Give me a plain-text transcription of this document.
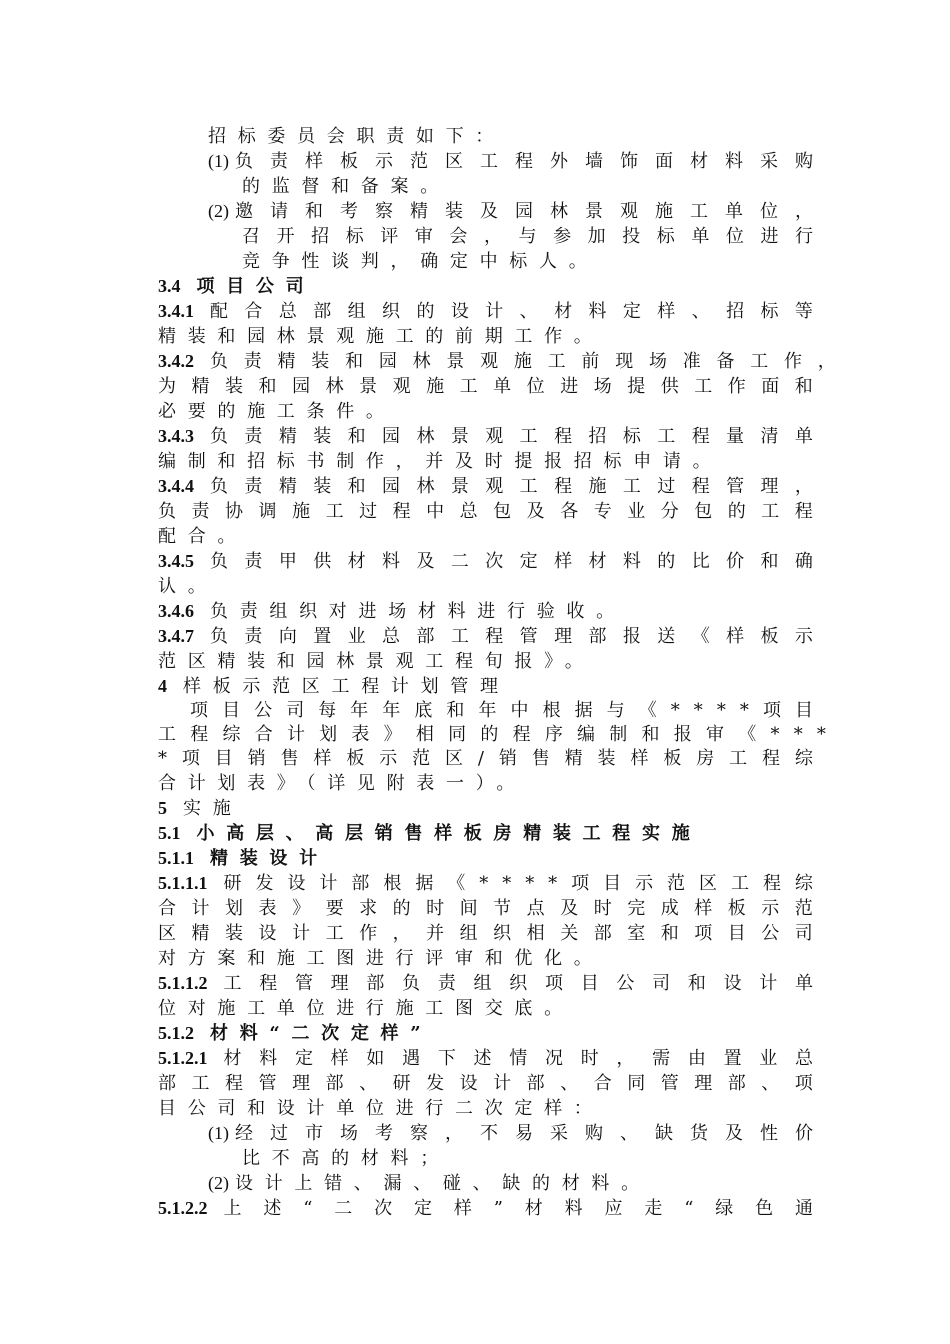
招标委员会职责如下：
(1) 负 责 样 板 示 范 区 工 程 外 墙 饰 面 材 料 采 购
的监督和备案。
(2) 邀 请 和 考 察 精 装 及 园 林 景 观 施 工 单 位 ，
召 开 招 标 评 审 会 ， 与 参 加 投 标 单 位 进 行
竞争性谈判，确定中标人。
3.4 项目公司
3.4.1 配 合 总 部 组 织 的 设 计 、 材 料 定 样 、 招 标 等
精装和园林景观施工的前期工作。
3.4.2 负 责 精 装 和 园 林 景 观 施 工 前 现 场 准 备 工 作 ，
为 精 装 和 园 林 景 观 施 工 单 位 进 场 提 供 工 作 面 和
必要的施工条件。
3.4.3 负 责 精 装 和 园 林 景 观 工 程 招 标 工 程 量 清 单
编制和招标书制作，并及时提报招标申请。
3.4.4 负 责 精 装 和 园 林 景 观 工 程 施 工 过 程 管 理 ，
负 责 协 调 施 工 过 程 中 总 包 及 各 专 业 分 包 的 工 程
配合。
3.4.5 负 责 甲 供 材 料 及 二 次 定 样 材 料 的 比 价 和 确
认。
3.4.6 负责组织对进场材料进行验收。
3.4.7 负 责 向 置 业 总 部 工 程 管 理 部 报 送 《 样 板 示
范区精装和园林景观工程旬报》。
4 样板示范区工程计划管理

项 目 公 司 每 年 年 底 和 年 中 根 据 与 《 * * * * 项 目
工 程 综 合 计 划 表 》 相 同 的 程 序 编 制 和 报 审 《 * * *
* 项 目 销 售 样 板 示 范 区 / 销 售 精 装 样 板 房 工 程 综
合计划表》（详见附表一）。
5 实施
5.1 小高层、高层销售样板房精装工程实施
5.1.1 精装设计
5.1.1.1 研 发 设 计 部 根 据 《 * * * * 项 目 示 范 区 工 程 综
合 计 划 表 》 要 求 的 时 间 节 点 及 时 完 成 样 板 示 范
区 精 装 设 计 工 作 ， 并 组 织 相 关 部 室 和 项 目 公 司
对方案和施工图进行评审和优化。
5.1.1.2 工 程 管 理 部 负 责 组 织 项 目 公 司 和 设 计 单
位对施工单位进行施工图交底。
5.1.2 材料“二次定样”
5.1.2.1 材 料 定 样 如 遇 下 述 情 况 时 ， 需 由 置 业 总
部 工 程 管 理 部 、 研 发 设 计 部 、 合 同 管 理 部 、 项
目公司和设计单位进行二次定样：
(1) 经 过 市 场 考 察 ， 不 易 采 购 、 缺 货 及 性 价
比不高的材料；
(2) 设计上错、漏、碰、缺的材料。
5.1.2.2 上 述 “ 二 次 定 样 ” 材 料 应 走 “ 绿 色 通
